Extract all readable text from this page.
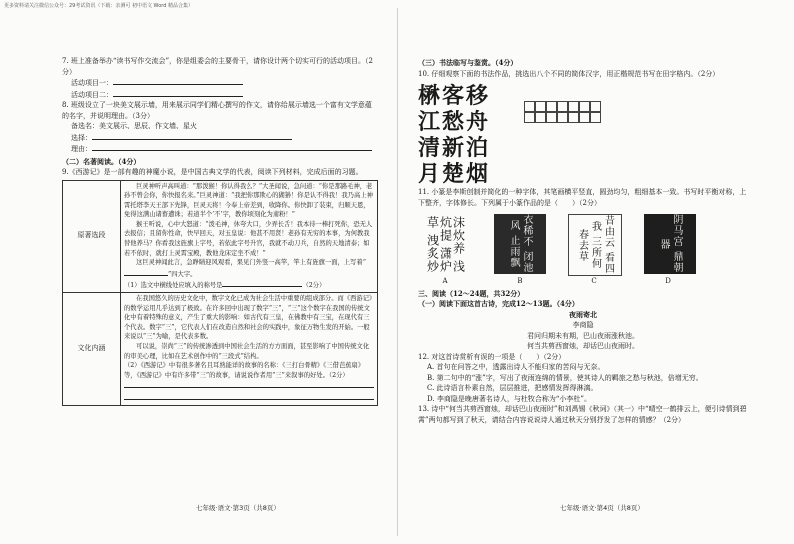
更多资料请关注微信公众号：29考试资讯（下载：亲测可 初中语文 Word 精品合集）

7. 班上准备举办“读书写作交流会”，你是组委会的主要骨干，请你设计两个切实可行的活动项目。（2分）

活动项目一：

活动项目二：

8. 班级设立了一块美文展示墙，用来展示同学们精心撰写的作文，请你给展示墙选一个富有文学意蕴的名字，并说明理由。（3分）

备选名：美文展示、思辰、作文墙、星火

选择：

理由：

（二）名著阅读。（4分）

9.《西游记》是一部有趣的神魔小说，是中国古典文学的代表，阅读下列材料，完成后面的习题。

原著选段	巨灵神听声高叫道：“那泼猴！你认得我么？”大圣闻说，急问道：“你是那路毛神，老孙不曾会你，你快报名来。”巨灵神道：“我把你那欺心的猢狲！你是认不得我！我乃高上神霄托塔李天王部下先锋，巨灵天将！今奉上帝差到，收降你。你快卸了装束，归顺天恩，免得这满山诸畜遭诛；若道半个‘不’字，教你顷刻化为齑粉！”

猴王听说，心中大怒道：“泼毛神，休夸大口，少弄长舌！我本待一棒打死你，恐无人去报信；且留你性命，快早回天，对玉皇说：他甚不用贤！老孙有无穷的本事，为何教我替他养马？你看我这旌旗上字号，若依此字号升官，我就不动刀兵，自然的天地清泰；如若不依时，就打上灵霄宝殿，教他龙床定坐不成！”

这巨灵神闻此言，急睁睛迎风观看，果见门外竖一高竿，竿上有旌旗一面，上写着“”四大字。

（1）选文中横线处应填入的称号是 （2分）

文化内涵	在我国悠久的历史文化中，数字文化已成为社会生活中重要的组成部分。而《西游记》的数学运用几乎达到了极致。在许多回中出现了数字“三”，“三”这个数字在我国的传统文化中有着特殊的意义，产生了重大的影响：如古代有三皇，在佛教中有三宝，在现代有三个代表。数字“三”，它代表人们在改造自然和社会的实践中，象征万物生发的开始。一般来说以“三”为喻，是代表多数。

可以说，崇尚“三”的传统渗透到中国社会生活的方方面面，甚至影响了中国传统文化的审美心理，比如在艺术创作中的“三段式”结构。

（2）《西游记》中有很多著名且耳熟能详的故事的名称：《三打白骨精》《三借芭蕉扇》等，《西游记》中有许多带“三”的故事，请说说作者用“三”来叙事的好处。（2分）

七年级·语文·第3页（共8页）

（三）书法临写与鉴赏。（4分）

10. 仔细观察下面的书法作品，挑选出八个不同的简体汉字，用正楷规范书写在田字格内。（2分）

楙客移
江愁舟
清新泊
月楚烟

11. 小篆是李斯创制并简化的一种字体，其笔画横平竖直，圆劲均匀，粗细基本一致。书写时平衡对称，上下整齐，字体修长。下列属于小篆作品的是（　　）（2分）

沫炊养 浅炕提 潇炉草 洩炙炒	衣稀不 闭池风 止雨飘	昔由云 看四我 三所何 春去草	阴马宫 鼎朝器
A	B	C	D

三、阅读（12～24题，共32分）

（一）阅读下面这首古诗，完成12～13题。（4分）

夜雨寄北

李商隐

君问归期未有期，巴山夜雨涨秋池。

何当共剪西窗烛，却话巴山夜雨时。

12. 对这首诗赏析有误的一项是（　　）（2分）

A. 首句在问答之中，透露出诗人不能归家的苦闷与无奈。

B. 第二句中的“涨”字，写出了夜雨连绵的情景，使其诗人的羁旅之愁与秋池，倍增无穷。

C. 此诗语言朴素自然，层层推进，把感情发挥得淋漓。

D. 李商隐是晚唐著名诗人，与杜牧合称为“小李杜”。

13. 诗中“何当共剪西窗烛，却话巴山夜雨时”和刘禹锡《秋词》（其一）中“晴空一鹤排云上，便引诗情到碧霄”两句都写到了秋天，请结合内容说说诗人通过秋天分别抒发了怎样的情感？（2分）

七年级·语文·第4页（共8页）
